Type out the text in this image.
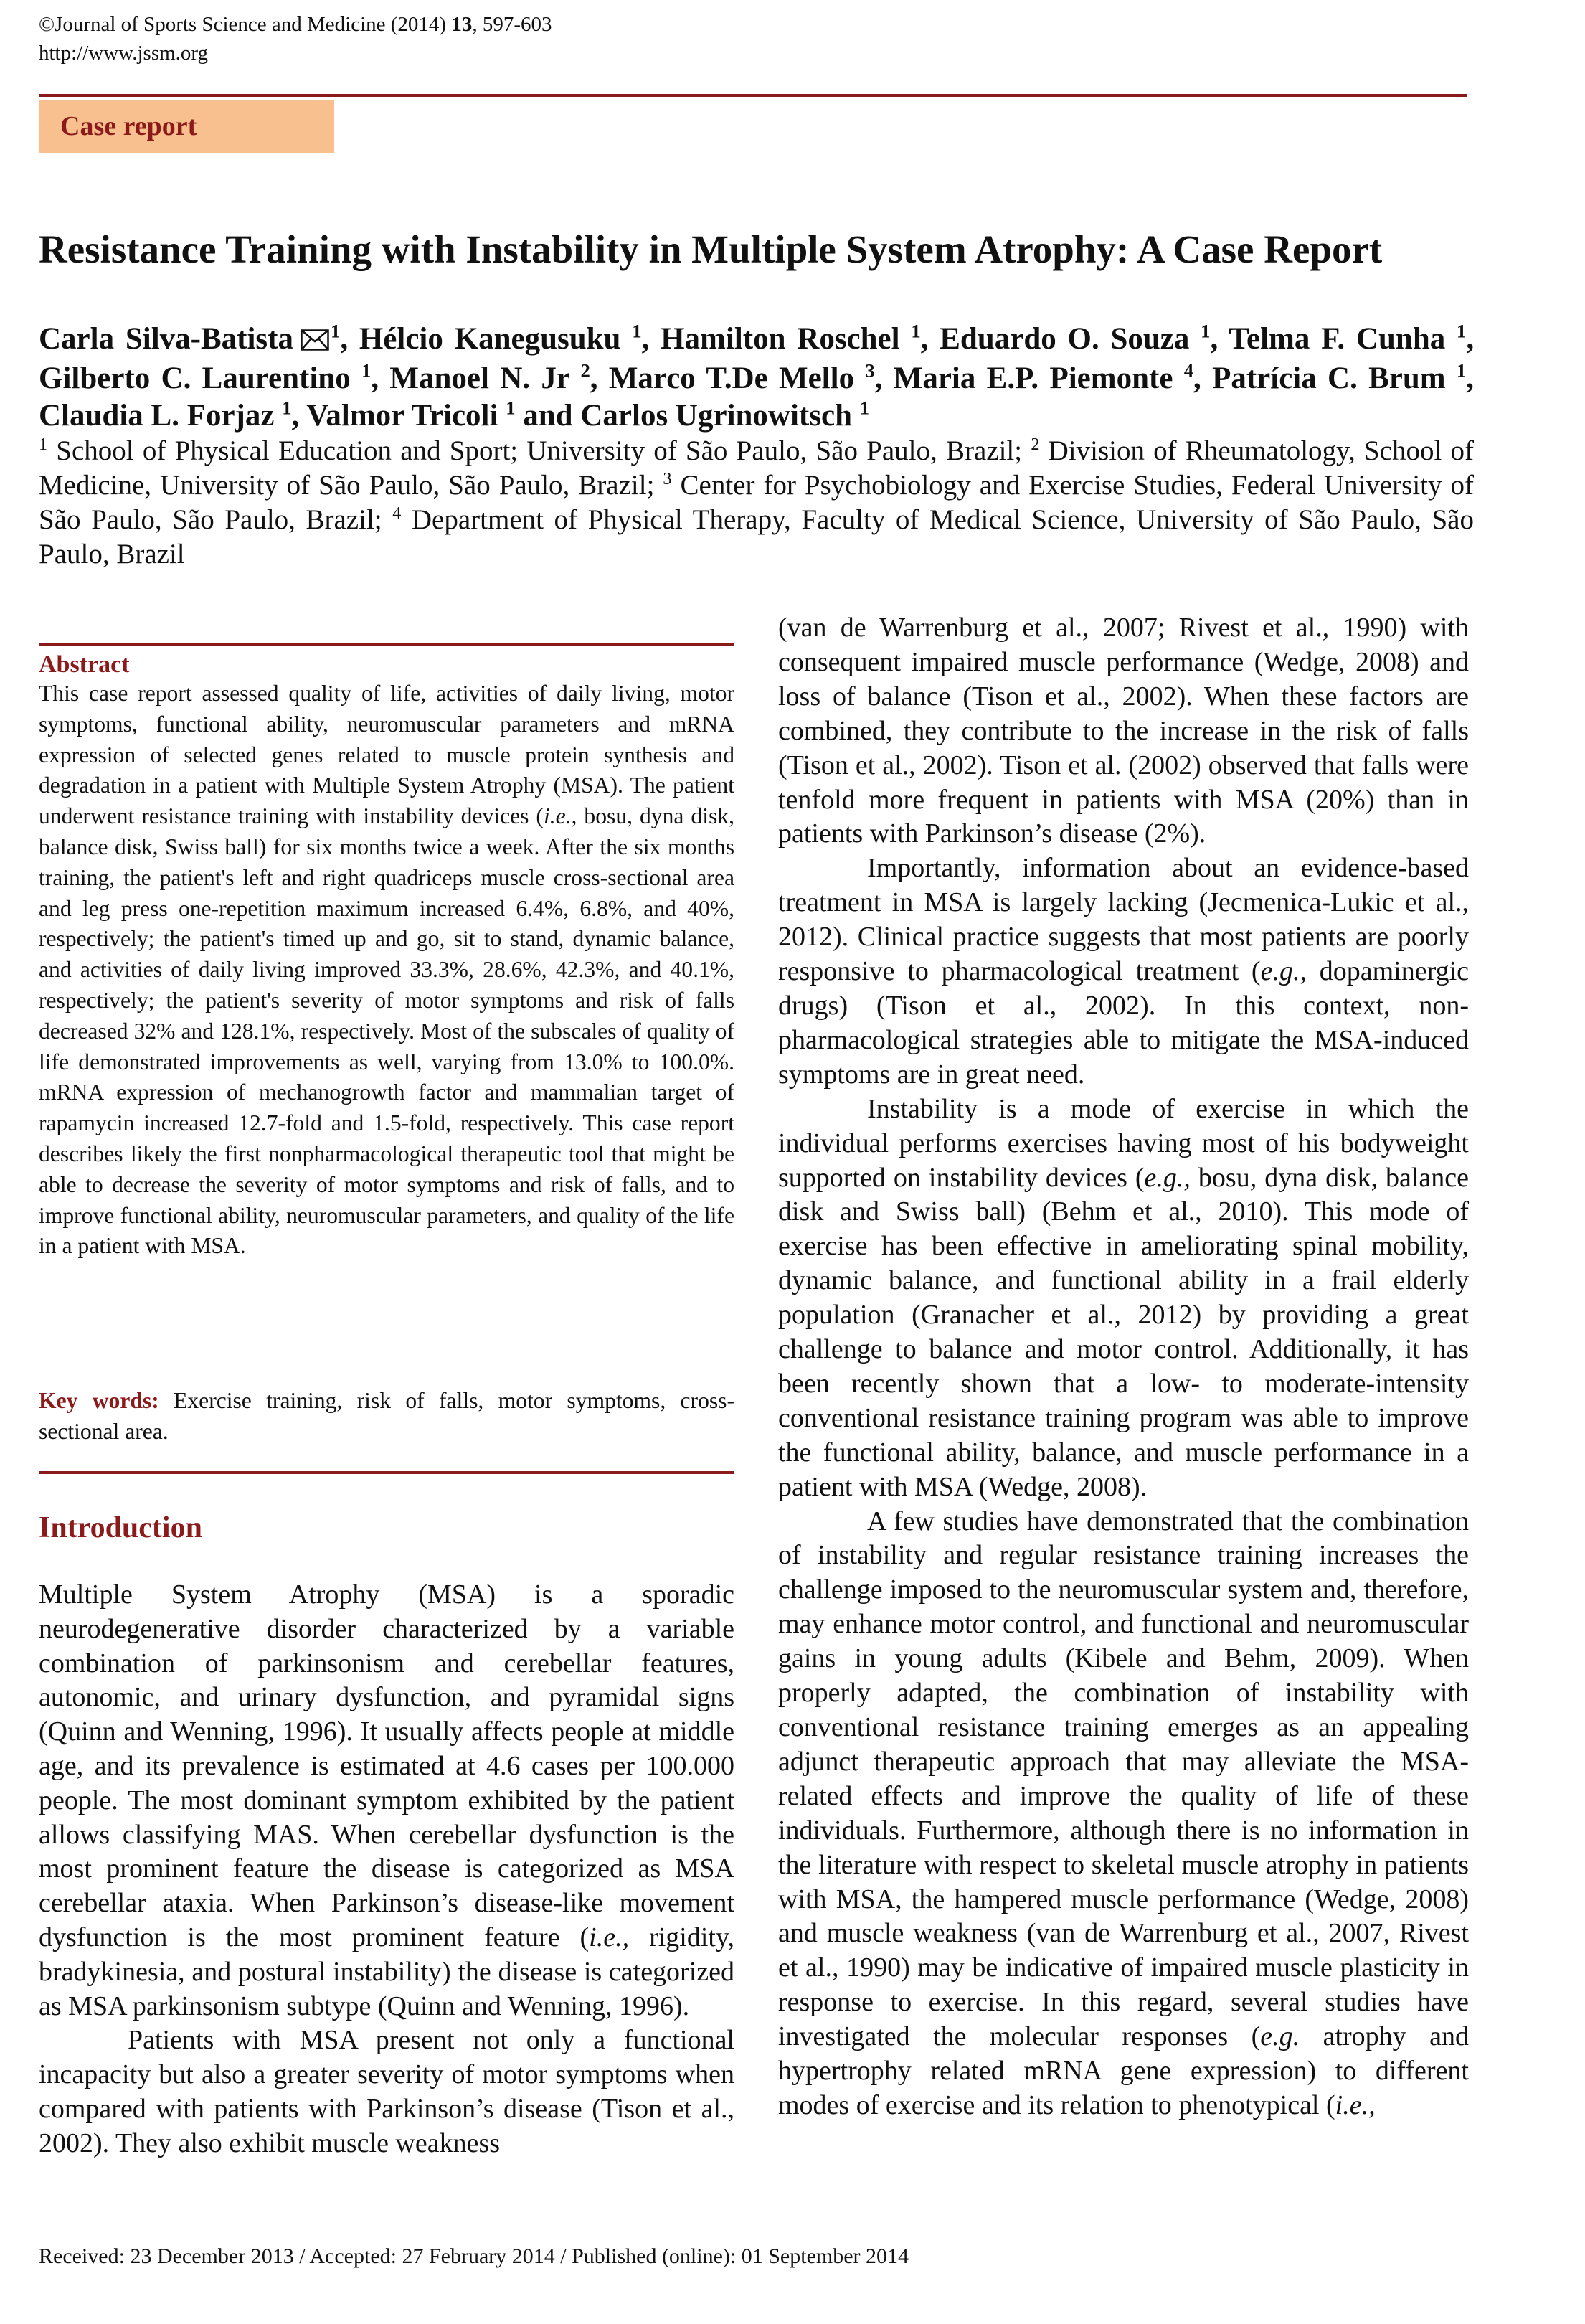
©Journal of Sports Science and Medicine (2014) 13, 597-603
http://www.jssm.org
Case report
Resistance Training with Instability in Multiple System Atrophy: A Case Report
Carla Silva-Batista $^1$, Hélcio Kanegusuku $^1$, Hamilton Roschel $^1$, Eduardo O. Souza $^1$, Telma F. Cunha $^1$, Gilberto C. Laurentino $^1$, Manoel N. Jr $^2$, Marco T.De Mello $^3$, Maria E.P. Piemonte $^4$, Patrícia C. Brum $^1$, Claudia L. Forjaz $^1$, Valmor Tricoli $^1$ and Carlos Ugrinowitsch $^1$
$^1$ School of Physical Education and Sport; University of São Paulo, São Paulo, Brazil; $^2$ Division of Rheumatology, School of Medicine, University of São Paulo, São Paulo, Brazil; $^3$ Center for Psychobiology and Exercise Studies, Federal University of São Paulo, São Paulo, Brazil; $^4$ Department of Physical Therapy, Faculty of Medical Science, University of São Paulo, São Paulo, Brazil
Abstract
This case report assessed quality of life, activities of daily living, motor symptoms, functional ability, neuromuscular parameters and mRNA expression of selected genes related to muscle protein synthesis and degradation in a patient with Multiple System Atrophy (MSA). The patient underwent resistance training with instability devices (i.e., bosu, dyna disk, balance disk, Swiss ball) for six months twice a week. After the six months training, the patient's left and right quadriceps muscle cross-sectional area and leg press one-repetition maximum increased 6.4%, 6.8%, and 40%, respectively; the patient's timed up and go, sit to stand, dynamic balance, and activities of daily living improved 33.3%, 28.6%, 42.3%, and 40.1%, respectively; the patient's severity of motor symptoms and risk of falls decreased 32% and 128.1%, respectively. Most of the subscales of quality of life demonstrated improvements as well, varying from 13.0% to 100.0%. mRNA expression of mechanogrowth factor and mammalian target of rapamycin increased 12.7-fold and 1.5-fold, respectively. This case report describes likely the first nonpharmacological therapeutic tool that might be able to decrease the severity of motor symptoms and risk of falls, and to improve functional ability, neuromuscular parameters, and quality of the life in a patient with MSA.
Key words: Exercise training, risk of falls, motor symptoms, cross-sectional area.
Introduction

Multiple System Atrophy (MSA) is a sporadic neurodegenerative disorder characterized by a variable combination of parkinsonism and cerebellar features, autonomic, and urinary dysfunction, and pyramidal signs (Quinn and Wenning, 1996). It usually affects people at middle age, and its prevalence is estimated at 4.6 cases per 100.000 people. The most dominant symptom exhibited by the patient allows classifying MAS. When cerebellar dysfunction is the most prominent feature the disease is categorized as MSA cerebellar ataxia. When Parkinson’s disease-like movement dysfunction is the most prominent feature (i.e., rigidity, bradykinesia, and postural instability) the disease is categorized as MSA parkinsonism subtype (Quinn and Wenning, 1996).

Patients with MSA present not only a functional incapacity but also a greater severity of motor symptoms when compared with patients with Parkinson’s disease (Tison et al., 2002). They also exhibit muscle weakness

(van de Warrenburg et al., 2007; Rivest et al., 1990) with consequent impaired muscle performance (Wedge, 2008) and loss of balance (Tison et al., 2002). When these factors are combined, they contribute to the increase in the risk of falls (Tison et al., 2002). Tison et al. (2002) observed that falls were tenfold more frequent in patients with MSA (20%) than in patients with Parkinson’s disease (2%).

Importantly, information about an evidence-based treatment in MSA is largely lacking (Jecmenica-Lukic et al., 2012). Clinical practice suggests that most patients are poorly responsive to pharmacological treatment (e.g., dopaminergic drugs) (Tison et al., 2002). In this context, non-pharmacological strategies able to mitigate the MSA-induced symptoms are in great need.

Instability is a mode of exercise in which the individual performs exercises having most of his bodyweight supported on instability devices (e.g., bosu, dyna disk, balance disk and Swiss ball) (Behm et al., 2010). This mode of exercise has been effective in ameliorating spinal mobility, dynamic balance, and functional ability in a frail elderly population (Granacher et al., 2012) by providing a great challenge to balance and motor control. Additionally, it has been recently shown that a low- to moderate-intensity conventional resistance training program was able to improve the functional ability, balance, and muscle performance in a patient with MSA (Wedge, 2008).

A few studies have demonstrated that the combination of instability and regular resistance training increases the challenge imposed to the neuromuscular system and, therefore, may enhance motor control, and functional and neuromuscular gains in young adults (Kibele and Behm, 2009). When properly adapted, the combination of instability with conventional resistance training emerges as an appealing adjunct therapeutic approach that may alleviate the MSA-related effects and improve the quality of life of these individuals. Furthermore, although there is no information in the literature with respect to skeletal muscle atrophy in patients with MSA, the hampered muscle performance (Wedge, 2008) and muscle weakness (van de Warrenburg et al., 2007, Rivest et al., 1990) may be indicative of impaired muscle plasticity in response to exercise. In this regard, several studies have investigated the molecular responses (e.g. atrophy and hypertrophy related mRNA gene expression) to different modes of exercise and its relation to phenotypical (i.e.,

Received: 23 December 2013 / Accepted: 27 February 2014 / Published (online): 01 September 2014
